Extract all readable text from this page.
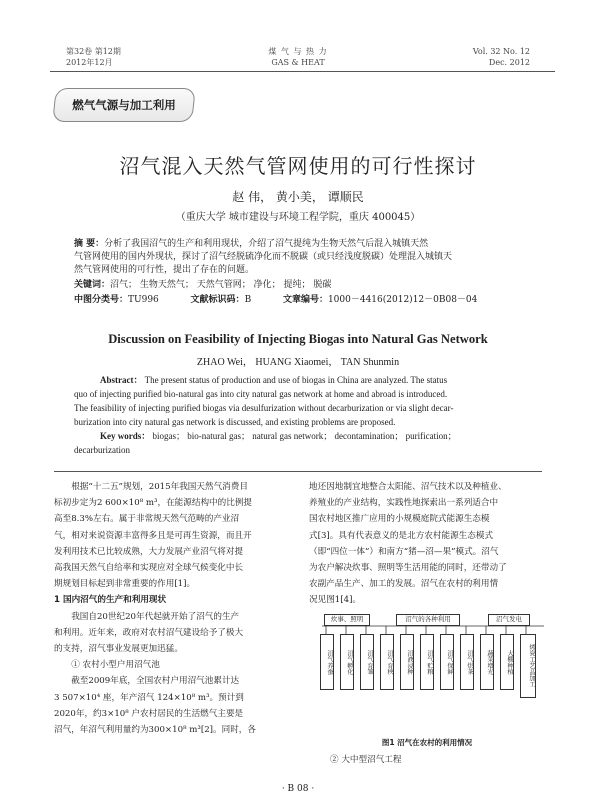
第32卷 第12期
2012年12月
煤 气 与 热 力
GAS & HEAT
Vol. 32 No. 12
Dec. 2012
燃气气源与加工利用
沼气混入天然气管网使用的可行性探讨
赵 伟， 黄小美， 谭顺民
（重庆大学 城市建设与环境工程学院，重庆 400045）
摘 要：分析了我国沼气的生产和利用现状，介绍了沼气提纯为生物天然气后混入城镇天然
气管网使用的国内外现状，探讨了沼气经脱硫净化而不脱碳（或只经浅度脱碳）处理混入城镇天
然气管网使用的可行性，提出了存在的问题。
关键词：沼气； 生物天然气； 天然气管网； 净化； 提纯； 脱碳
中图分类号：TU996	文献标识码：B	文章编号：1000－4416(2012)12－0B08－04
Discussion on Feasibility of Injecting Biogas into Natural Gas Network
ZHAO Wei， HUANG Xiaomei， TAN Shunmin
Abstract： The present status of production and use of biogas in China are analyzed. The status
quo of injecting purified bio-natural gas into city natural gas network at home and abroad is introduced.
The feasibility of injecting purified biogas via desulfurization without decarburization or via slight decar-
burization into city natural gas network is discussed, and existing problems are proposed.
Key words： biogas； bio-natural gas； natural gas network； decontamination； purification；
decarburization
根据“十二五”规划，2015年我国天然气消费目
标初步定为2 600×10⁸ m³，在能源结构中的比例提
高至8.3%左右。属于非常规天然气范畴的产业沼
气，相对来说资源丰富得多且是可再生资源，而且开
发利用技术已比较成熟，大力发展产业沼气将对提
高我国天然气自给率和实现应对全球气候变化中长
期规划目标起到非常重要的作用[1]。
1 国内沼气的生产和利用现状
我国自20世纪20年代起就开始了沼气的生产
和利用。近年来，政府对农村沼气建设给予了极大
的支持，沼气事业发展更加迅猛。
① 农村小型户用沼气池
截至2009年底，全国农村户用沼气池累计达
3 507×10⁴ 座，年产沼气 124×10⁸ m³。预计到
2020年，约3×10⁸ 户农村居民的生活燃气主要是
沼气，年沼气利用量约为300×10⁸ m³[2]。同时，各
地还因地制宜地整合太阳能、沼气技术以及种植业、
养殖业的产业结构，实践性地探索出一系列适合中
国农村地区推广应用的小规模庭院式能源生态模
式[3]。具有代表意义的是北方农村能源生态模式
（即“四位一体”）和南方“猪—沼—果”模式。沼气
为农户解决炊事、照明等生活用能的同时，还带动了
农副产品生产、加工的发展。沼气在农村的利用情
况见图1[4]。
炊事、照明	沼气的各种利用	沼气发电
沼气养蚕	沼气孵化	沼气育雏	沼气育秧	沼液浸种	沼气贮粮	沼气保鲜	沼气烘茶	蔬菜增光	大棚种植	烤瓷工艺品加工
图1 沼气在农村的利用情况
② 大中型沼气工程
· B 08 ·
